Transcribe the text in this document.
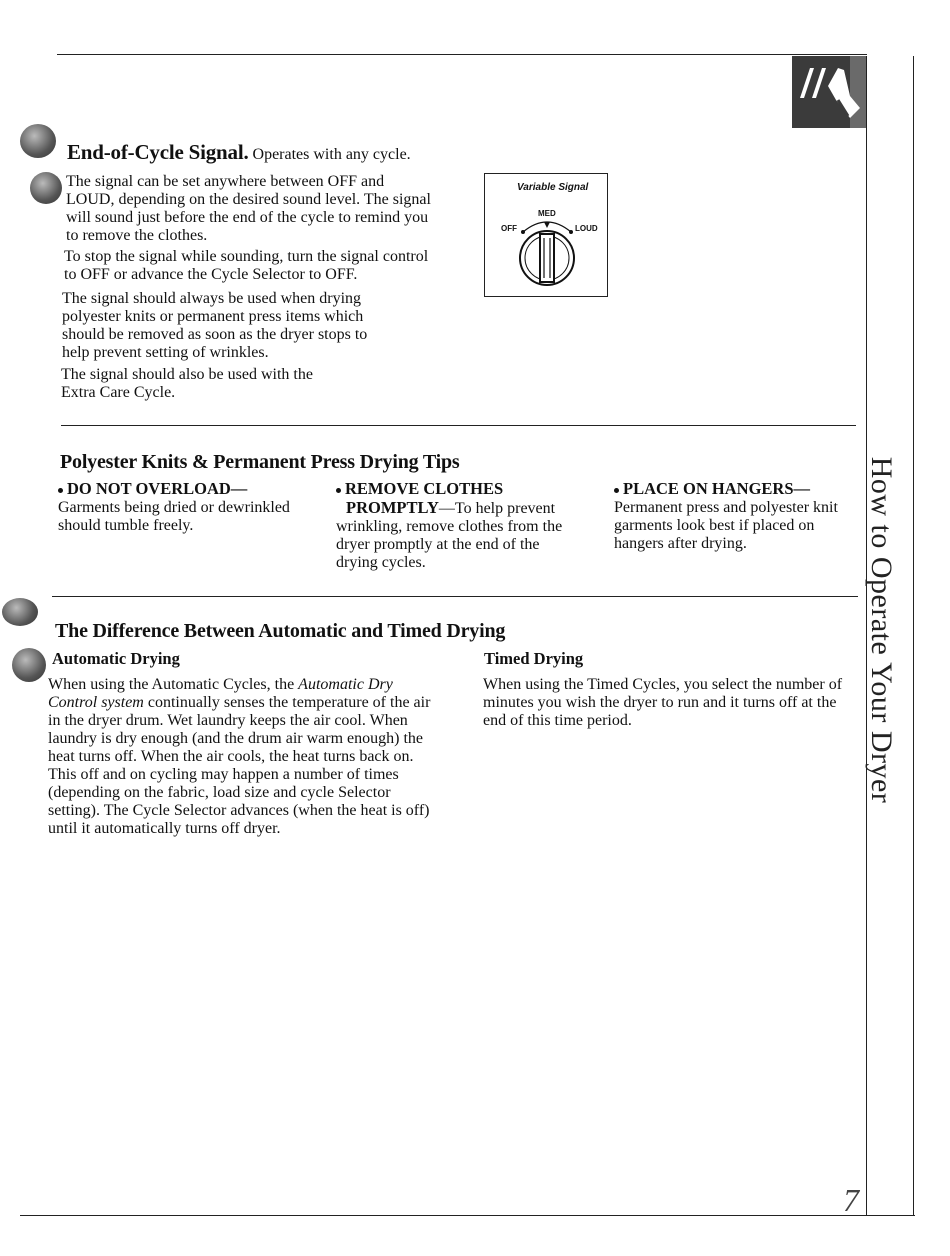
End-of-Cycle Signal. Operates with any cycle.

The signal can be set anywhere between OFF and LOUD, depending on the desired sound level. The signal will sound just before the end of the cycle to remind you to remove the clothes.

To stop the signal while sounding, turn the signal control to OFF or advance the Cycle Selector to OFF.

The signal should always be used when drying polyester knits or permanent press items which should be removed as soon as the dryer stops to help prevent setting of wrinkles.

The signal should also be used with the Extra Care Cycle.

Variable Signal
MED
OFF	LOUD
Polyester Knits & Permanent Press Drying Tips

DO NOT OVERLOAD—
Garments being dried or dewrinkled should tumble freely.

REMOVE CLOTHES
PROMPTLY—To help prevent wrinkling, remove clothes from the dryer promptly at the end of the drying cycles.

PLACE ON HANGERS—
Permanent press and polyester knit garments look best if placed on hangers after drying.

The Difference Between Automatic and Timed Drying
Automatic Drying

When using the Automatic Cycles, the Automatic Dry Control system continually senses the temperature of the air in the dryer drum. Wet laundry keeps the air cool. When laundry is dry enough (and the drum air warm enough) the heat turns off. When the air cools, the heat turns back on. This off and on cycling may happen a number of times (depending on the fabric, load size and cycle Selector setting). The Cycle Selector advances (when the heat is off) until it automatically turns off dryer.

Timed Drying

When using the Timed Cycles, you select the number of minutes you wish the dryer to run and it turns off at the end of this time period.	How to Operate Your Dryer
7
